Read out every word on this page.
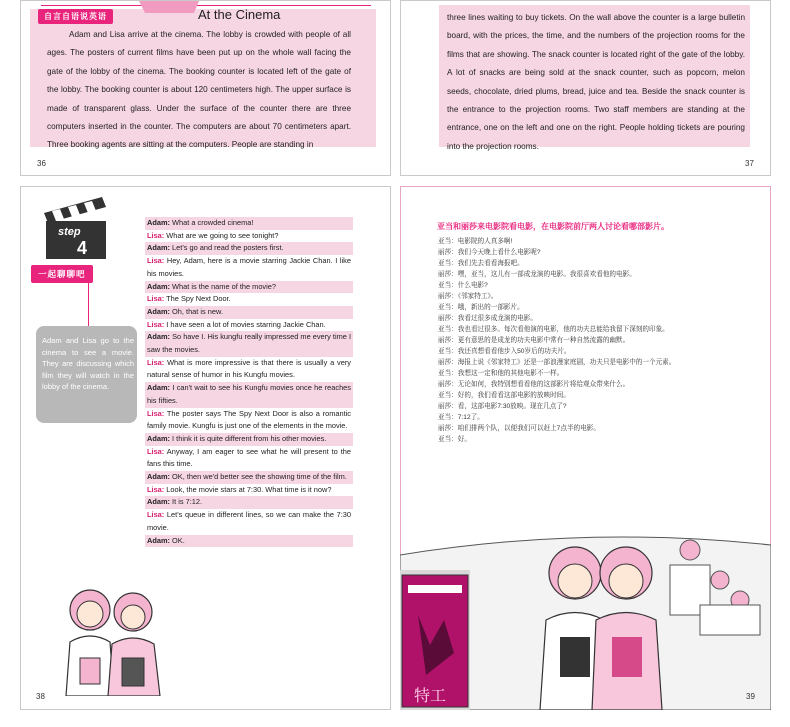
自言自语说英语	At the Cinema
Adam and Lisa arrive at the cinema. The lobby is crowded with people of all ages. The posters of current films have been put up on the whole wall facing the gate of the lobby of the cinema. The booking counter is located left of the gate of the lobby. The booking counter is about 120 centimeters high. The upper surface is made of transparent glass. Under the surface of the counter there are three computers inserted in the counter. The computers are about 70 centimeters apart. Three booking agents are sitting at the computers. People are standing in
36
three lines waiting to buy tickets. On the wall above the counter is a large bulletin board, with the prices, the time, and the numbers of the projection rooms for the films that are showing. The snack counter is located right of the gate of the lobby. A lot of snacks are being sold at the snack counter, such as popcorn, melon seeds, chocolate, dried plums, bread, juice and tea. Beside the snack counter is the entrance to the projection rooms. Two staff members are standing at the entrance, one on the left and one on the right. People holding tickets are pouring into the projection rooms.
37
step
4
一起聊聊吧
Adam and Lisa go to the cinema to see a movie. They are discussing which film they will watch in the lobby of the cinema.
Adam: What a crowded cinema!
Lisa: What are we going to see tonight?
Adam: Let's go and read the posters first.
Lisa: Hey, Adam, here is a movie starring Jackie Chan. I like his movies.
Adam: What is the name of the movie?
Lisa: The Spy Next Door.
Adam: Oh, that is new.
Lisa: I have seen a lot of movies starring Jackie Chan.
Adam: So have I. His kungfu really impressed me every time I saw the movies.
Lisa: What is more impressive is that there is usually a very natural sense of humor in his Kungfu movies.
Adam: I can't wait to see his Kungfu movies once he reaches his fifties.
Lisa: The poster says The Spy Next Door is also a romantic family movie. Kungfu is just one of the elements in the movie.
Adam: I think it is quite different from his other movies.
Lisa: Anyway, I am eager to see what he will present to the fans this time.
Adam: OK, then we'd better see the showing time of the film.
Lisa: Look, the movie stars at 7:30. What time is it now?
Adam: It is 7:12.
Lisa: Let's queue in different lines, so we can make the 7:30 movie.
Adam: OK.
38
亚当和丽莎来电影院看电影，在电影院前厅两人讨论看哪部影片。
亚当：电影院的人真多啊!
丽莎：我们今天晚上看什么电影呢?
亚当：我们先去看看海报吧。
丽莎：嘿，亚当，这儿有一部成龙演的电影。我很喜欢看他的电影。
亚当：什么电影?
丽莎：《邻家特工》。
亚当：哦，新出的一部影片。
丽莎：我看过很多成龙演的电影。
亚当：我也看过很多。每次看他演的电影，他的功夫总能给我留下深刻的印象。
丽莎：更有意思的是成龙的功夫电影中常有一种自然流露的幽默。
亚当：我还真想看看他步入50岁后的功夫片。
丽莎：海报上说《邻家特工》还是一部浪漫家庭剧，功夫只是电影中的一个元素。
亚当：我想这一定和他的其他电影不一样。
丽莎：无论如何，我特别想看看他的这部影片将给观众带来什么。
亚当：好的，我们看看这部电影的放映时间。
丽莎：看，这部电影7:30放映。现在几点了?
亚当：7:12了。
丽莎：咱们排两个队，以便我们可以赶上7点半的电影。
亚当：好。
特工	39
